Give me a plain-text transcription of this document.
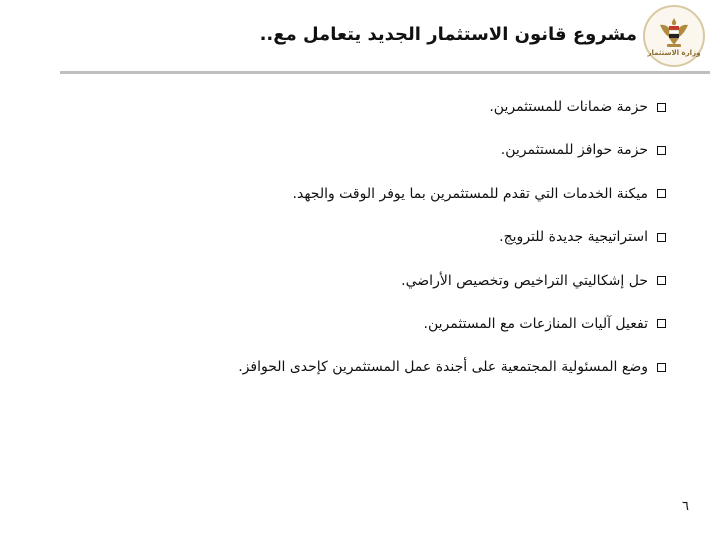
وزارة الاستثمار
مشروع قانون الاستثمار الجديد يتعامل مع..
حزمة ضمانات للمستثمرين.
حزمة حوافز للمستثمرين.
ميكنة الخدمات التي تقدم للمستثمرين بما يوفر الوقت والجهد.
استراتيجية جديدة للترويج.
حل إشكاليتي التراخيص وتخصيص الأراضي.
تفعيل آليات المنازعات مع المستثمرين.
وضع المسئولية المجتمعية على أجندة عمل المستثمرين كإحدى الحوافز.
٦
